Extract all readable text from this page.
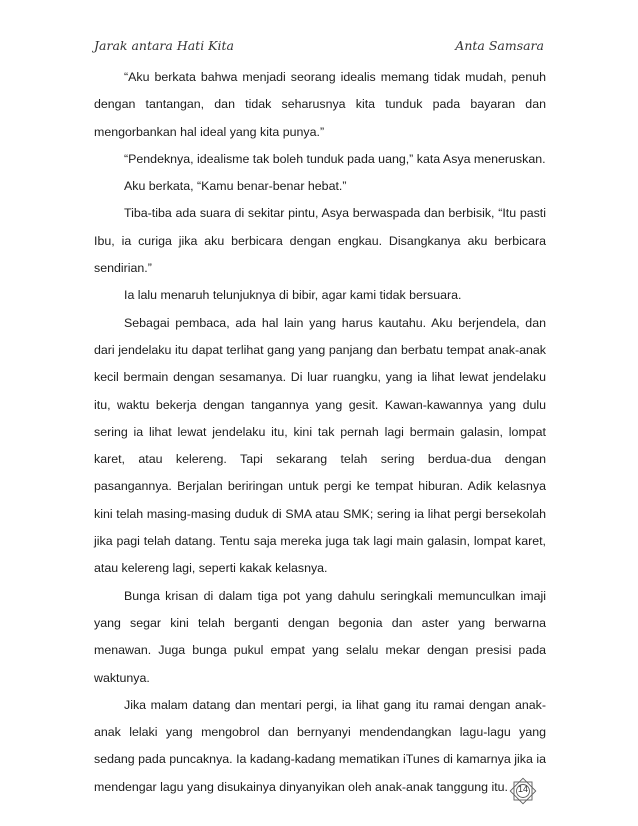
Jarak antara Hati Kita	Anta Samsara

“Aku berkata bahwa menjadi seorang idealis memang tidak mudah, penuh dengan tantangan, dan tidak seharusnya kita tunduk pada bayaran dan mengorbankan hal ideal yang kita punya.”

“Pendeknya, idealisme tak boleh tunduk pada uang,” kata Asya meneruskan.

Aku berkata, “Kamu benar-benar hebat.”

Tiba-tiba ada suara di sekitar pintu, Asya berwaspada dan berbisik, “Itu pasti Ibu, ia curiga jika aku berbicara dengan engkau. Disangkanya aku berbicara sendirian.”

Ia lalu menaruh telunjuknya di bibir, agar kami tidak bersuara.

Sebagai pembaca, ada hal lain yang harus kautahu. Aku berjendela, dan dari jendelaku itu dapat terlihat gang yang panjang dan berbatu tempat anak-anak kecil bermain dengan sesamanya. Di luar ruangku, yang ia lihat lewat jendelaku itu, waktu bekerja dengan tangannya yang gesit. Kawan-kawannya yang dulu sering ia lihat lewat jendelaku itu, kini tak pernah lagi bermain galasin, lompat karet, atau kelereng. Tapi sekarang telah sering berdua-dua dengan pasangannya. Berjalan beriringan untuk pergi ke tempat hiburan. Adik kelasnya kini telah masing-masing duduk di SMA atau SMK; sering ia lihat pergi bersekolah jika pagi telah datang. Tentu saja mereka juga tak lagi main galasin, lompat karet, atau kelereng lagi, seperti kakak kelasnya.

Bunga krisan di dalam tiga pot yang dahulu seringkali memunculkan imaji yang segar kini telah berganti dengan begonia dan aster yang berwarna menawan. Juga bunga pukul empat yang selalu mekar dengan presisi pada waktunya.

Jika malam datang dan mentari pergi, ia lihat gang itu ramai dengan anak-anak lelaki yang mengobrol dan bernyanyi mendendangkan lagu-lagu yang sedang pada puncaknya. Ia kadang-kadang mematikan iTunes di kamarnya jika ia mendengar lagu yang disukainya dinyanyikan oleh anak-anak tanggung itu.	14
